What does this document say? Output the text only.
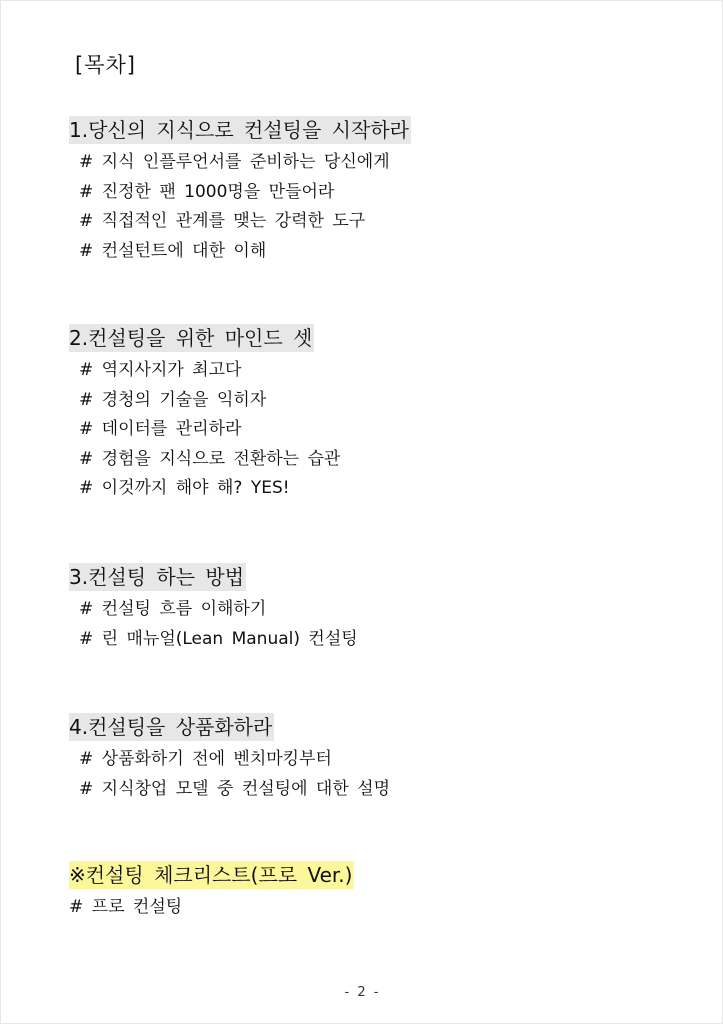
[목차]
1.당신의 지식으로 컨설팅을 시작하라
# 지식 인플루언서를 준비하는 당신에게
# 진정한 팬 1000명을 만들어라
# 직접적인 관계를 맺는 강력한 도구
# 컨설턴트에 대한 이해
2.컨설팅을 위한 마인드 셋
# 역지사지가 최고다
# 경청의 기술을 익히자
# 데이터를 관리하라
# 경험을 지식으로 전환하는 습관
# 이것까지 해야 해? YES!
3.컨설팅 하는 방법
# 컨설팅 흐름 이해하기
# 린 매뉴얼(Lean Manual) 컨설팅
4.컨설팅을 상품화하라
# 상품화하기 전에 벤치마킹부터
# 지식창업 모델 중 컨설팅에 대한 설명
※컨설팅 체크리스트(프로 Ver.)
# 프로 컨설팅
- 2 -
